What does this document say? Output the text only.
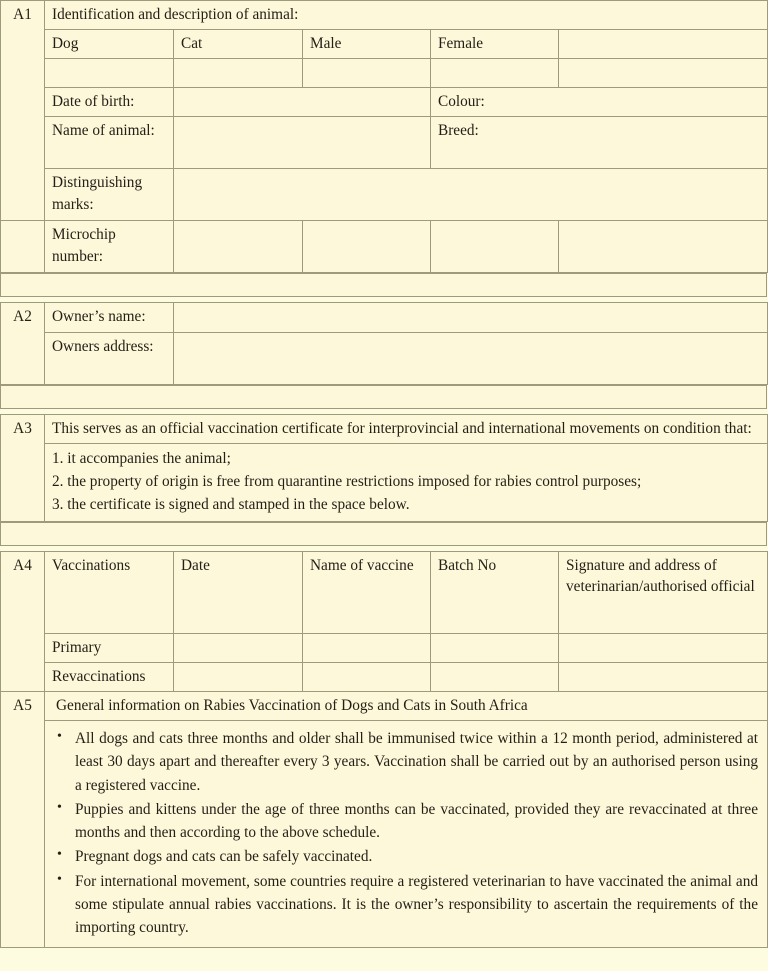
A1	Identification and description of animal:				
	Dog	Cat	Male	Female	

	Date of birth:			Colour:	
	Name of animal:			Breed:	
	Distinguishing marks:				
	Microchip number:				
A2	Owner’s name:	
	Owners address:	
A3	This serves as an official vaccination certificate for interprovincial and international movements on condition that:

1. it accompanies the animal;
2. the property of origin is free from quarantine restrictions imposed for rabies control purposes;
3. the certificate is signed and stamped in the space below.
A4	Vaccinations	Date	Name of vaccine	Batch No	Signature and address of veterinarian/authorised official
	Primary				
	Revaccinations				
A5	General information on Rabies Vaccination of Dogs and Cats in South Africa				

• All dogs and cats three months and older shall be immunised twice within a 12 month period, administered at least 30 days apart and thereafter every 3 years. Vaccination shall be carried out by an authorised person using a registered vaccine.
• Puppies and kittens under the age of three months can be vaccinated, provided they are revaccinated at three months and then according to the above schedule.
• Pregnant dogs and cats can be safely vaccinated.
• For international movement, some countries require a registered veterinarian to have vaccinated the animal and some stipulate annual rabies vaccinations. It is the owner’s responsibility to ascertain the requirements of the importing country.
